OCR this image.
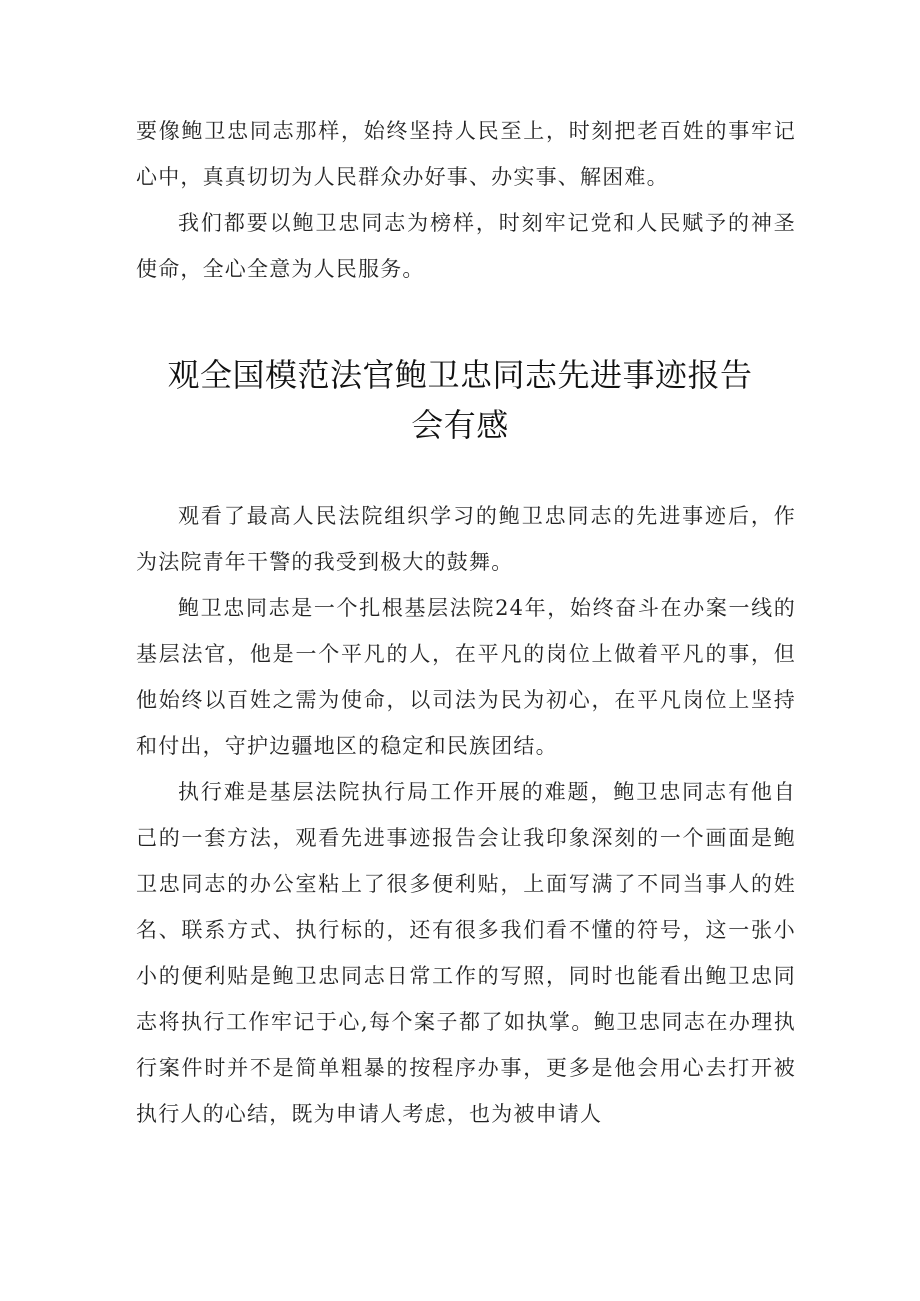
要像鲍卫忠同志那样，始终坚持人民至上，时刻把老百姓的事牢记心中，真真切切为人民群众办好事、办实事、解困难。

我们都要以鲍卫忠同志为榜样，时刻牢记党和人民赋予的神圣使命，全心全意为人民服务。

观全国模范法官鲍卫忠同志先进事迹报告
会有感

观看了最高人民法院组织学习的鲍卫忠同志的先进事迹后，作为法院青年干警的我受到极大的鼓舞。

鲍卫忠同志是一个扎根基层法院24年，始终奋斗在办案一线的基层法官，他是一个平凡的人，在平凡的岗位上做着平凡的事，但他始终以百姓之需为使命，以司法为民为初心，在平凡岗位上坚持和付出，守护边疆地区的稳定和民族团结。

执行难是基层法院执行局工作开展的难题，鲍卫忠同志有他自己的一套方法，观看先进事迹报告会让我印象深刻的一个画面是鲍卫忠同志的办公室粘上了很多便利贴，上面写满了不同当事人的姓名、联系方式、执行标的，还有很多我们看不懂的符号，这一张小小的便利贴是鲍卫忠同志日常工作的写照，同时也能看出鲍卫忠同志将执行工作牢记于心,每个案子都了如执掌。鲍卫忠同志在办理执行案件时并不是简单粗暴的按程序办事，更多是他会用心去打开被执行人的心结，既为申请人考虑，也为被申请人
